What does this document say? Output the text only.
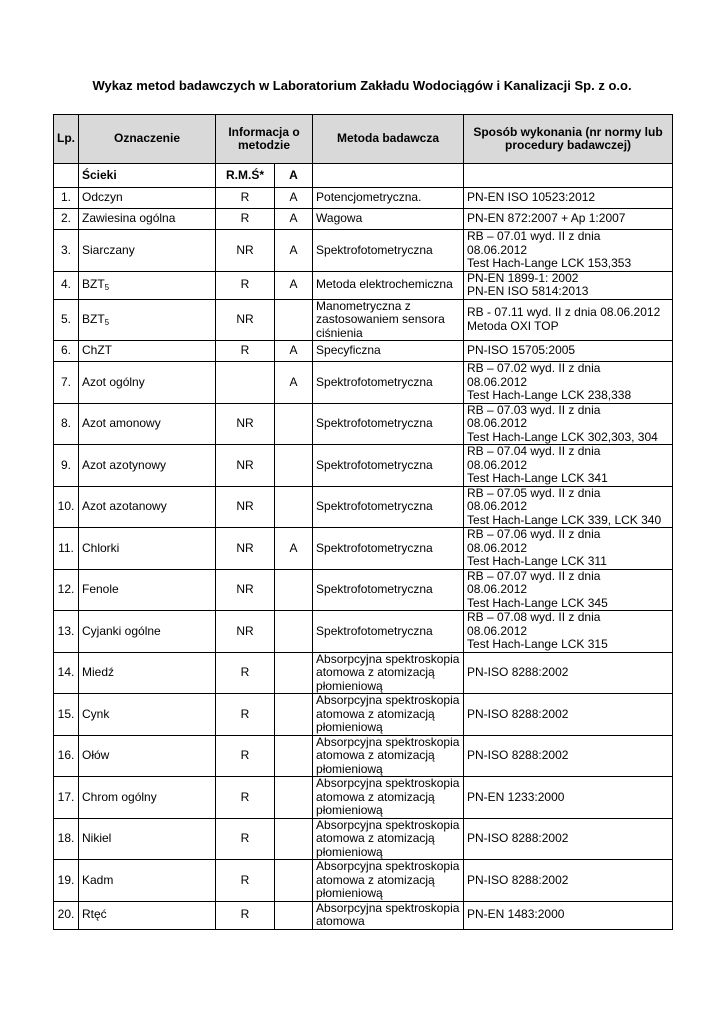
Wykaz metod badawczych w Laboratorium Zakładu Wodociągów i Kanalizacji Sp. z o.o.
Lp.	Oznaczenie	Informacja o metodzie		Metoda badawcza	Sposób wykonania (nr normy lub procedury badawczej)
	Ścieki	R.M.Ś*	A		
1.	Odczyn	R	A	Potencjometryczna.	PN-EN ISO 10523:2012

2.	Zawiesina ogólna	R	A	Wagowa	PN-EN 872:2007 + Ap 1:2007

3.	Siarczany	NR	A	Spektrofotometryczna	RB – 07.01 wyd. II z dnia
08.06.2012
Test Hach-Lange LCK 153,353

4.	$BZT_5$	R	A	Metoda elektrochemiczna	PN-EN 1899-1: 2002
PN-EN ISO 5814:2013

5.	$BZT_5$	NR		Manometryczna z
zastosowaniem sensora
ciśnienia	RB - 07.11 wyd. II z dnia 08.06.2012
Metoda OXI TOP

6.	ChZT	R	A	Specyficzna	PN-ISO 15705:2005

7.	Azot ogólny		A	Spektrofotometryczna	RB – 07.02 wyd. II z dnia
08.06.2012
Test Hach-Lange LCK 238,338

8.	Azot amonowy	NR		Spektrofotometryczna	RB – 07.03 wyd. II z dnia
08.06.2012
Test Hach-Lange LCK 302,303, 304

9.	Azot azotynowy	NR		Spektrofotometryczna	RB – 07.04 wyd. II z dnia
08.06.2012
Test Hach-Lange LCK 341

10.	Azot azotanowy	NR		Spektrofotometryczna	RB – 07.05 wyd. II z dnia
08.06.2012
Test Hach-Lange LCK 339, LCK 340

11.	Chlorki	NR	A	Spektrofotometryczna	RB – 07.06 wyd. II z dnia
08.06.2012
Test Hach-Lange LCK 311

12.	Fenole	NR		Spektrofotometryczna	RB – 07.07 wyd. II z dnia
08.06.2012
Test Hach-Lange LCK 345

13.	Cyjanki ogólne	NR		Spektrofotometryczna	RB – 07.08 wyd. II z dnia
08.06.2012
Test Hach-Lange LCK 315

14.	Miedź	R		Absorpcyjna spektroskopia
atomowa z atomizacją
płomieniową	PN-ISO 8288:2002

15.	Cynk	R		Absorpcyjna spektroskopia
atomowa z atomizacją
płomieniową	PN-ISO 8288:2002

16.	Ołów	R		Absorpcyjna spektroskopia
atomowa z atomizacją
płomieniową	PN-ISO 8288:2002

17.	Chrom ogólny	R		Absorpcyjna spektroskopia
atomowa z atomizacją
płomieniową	PN-EN 1233:2000

18.	Nikiel	R		Absorpcyjna spektroskopia
atomowa z atomizacją
płomieniową	PN-ISO 8288:2002

19.	Kadm	R		Absorpcyjna spektroskopia
atomowa z atomizacją
płomieniową	PN-ISO 8288:2002

20.	Rtęć	R		Absorpcyjna spektroskopia
atomowa	PN-EN 1483:2000
